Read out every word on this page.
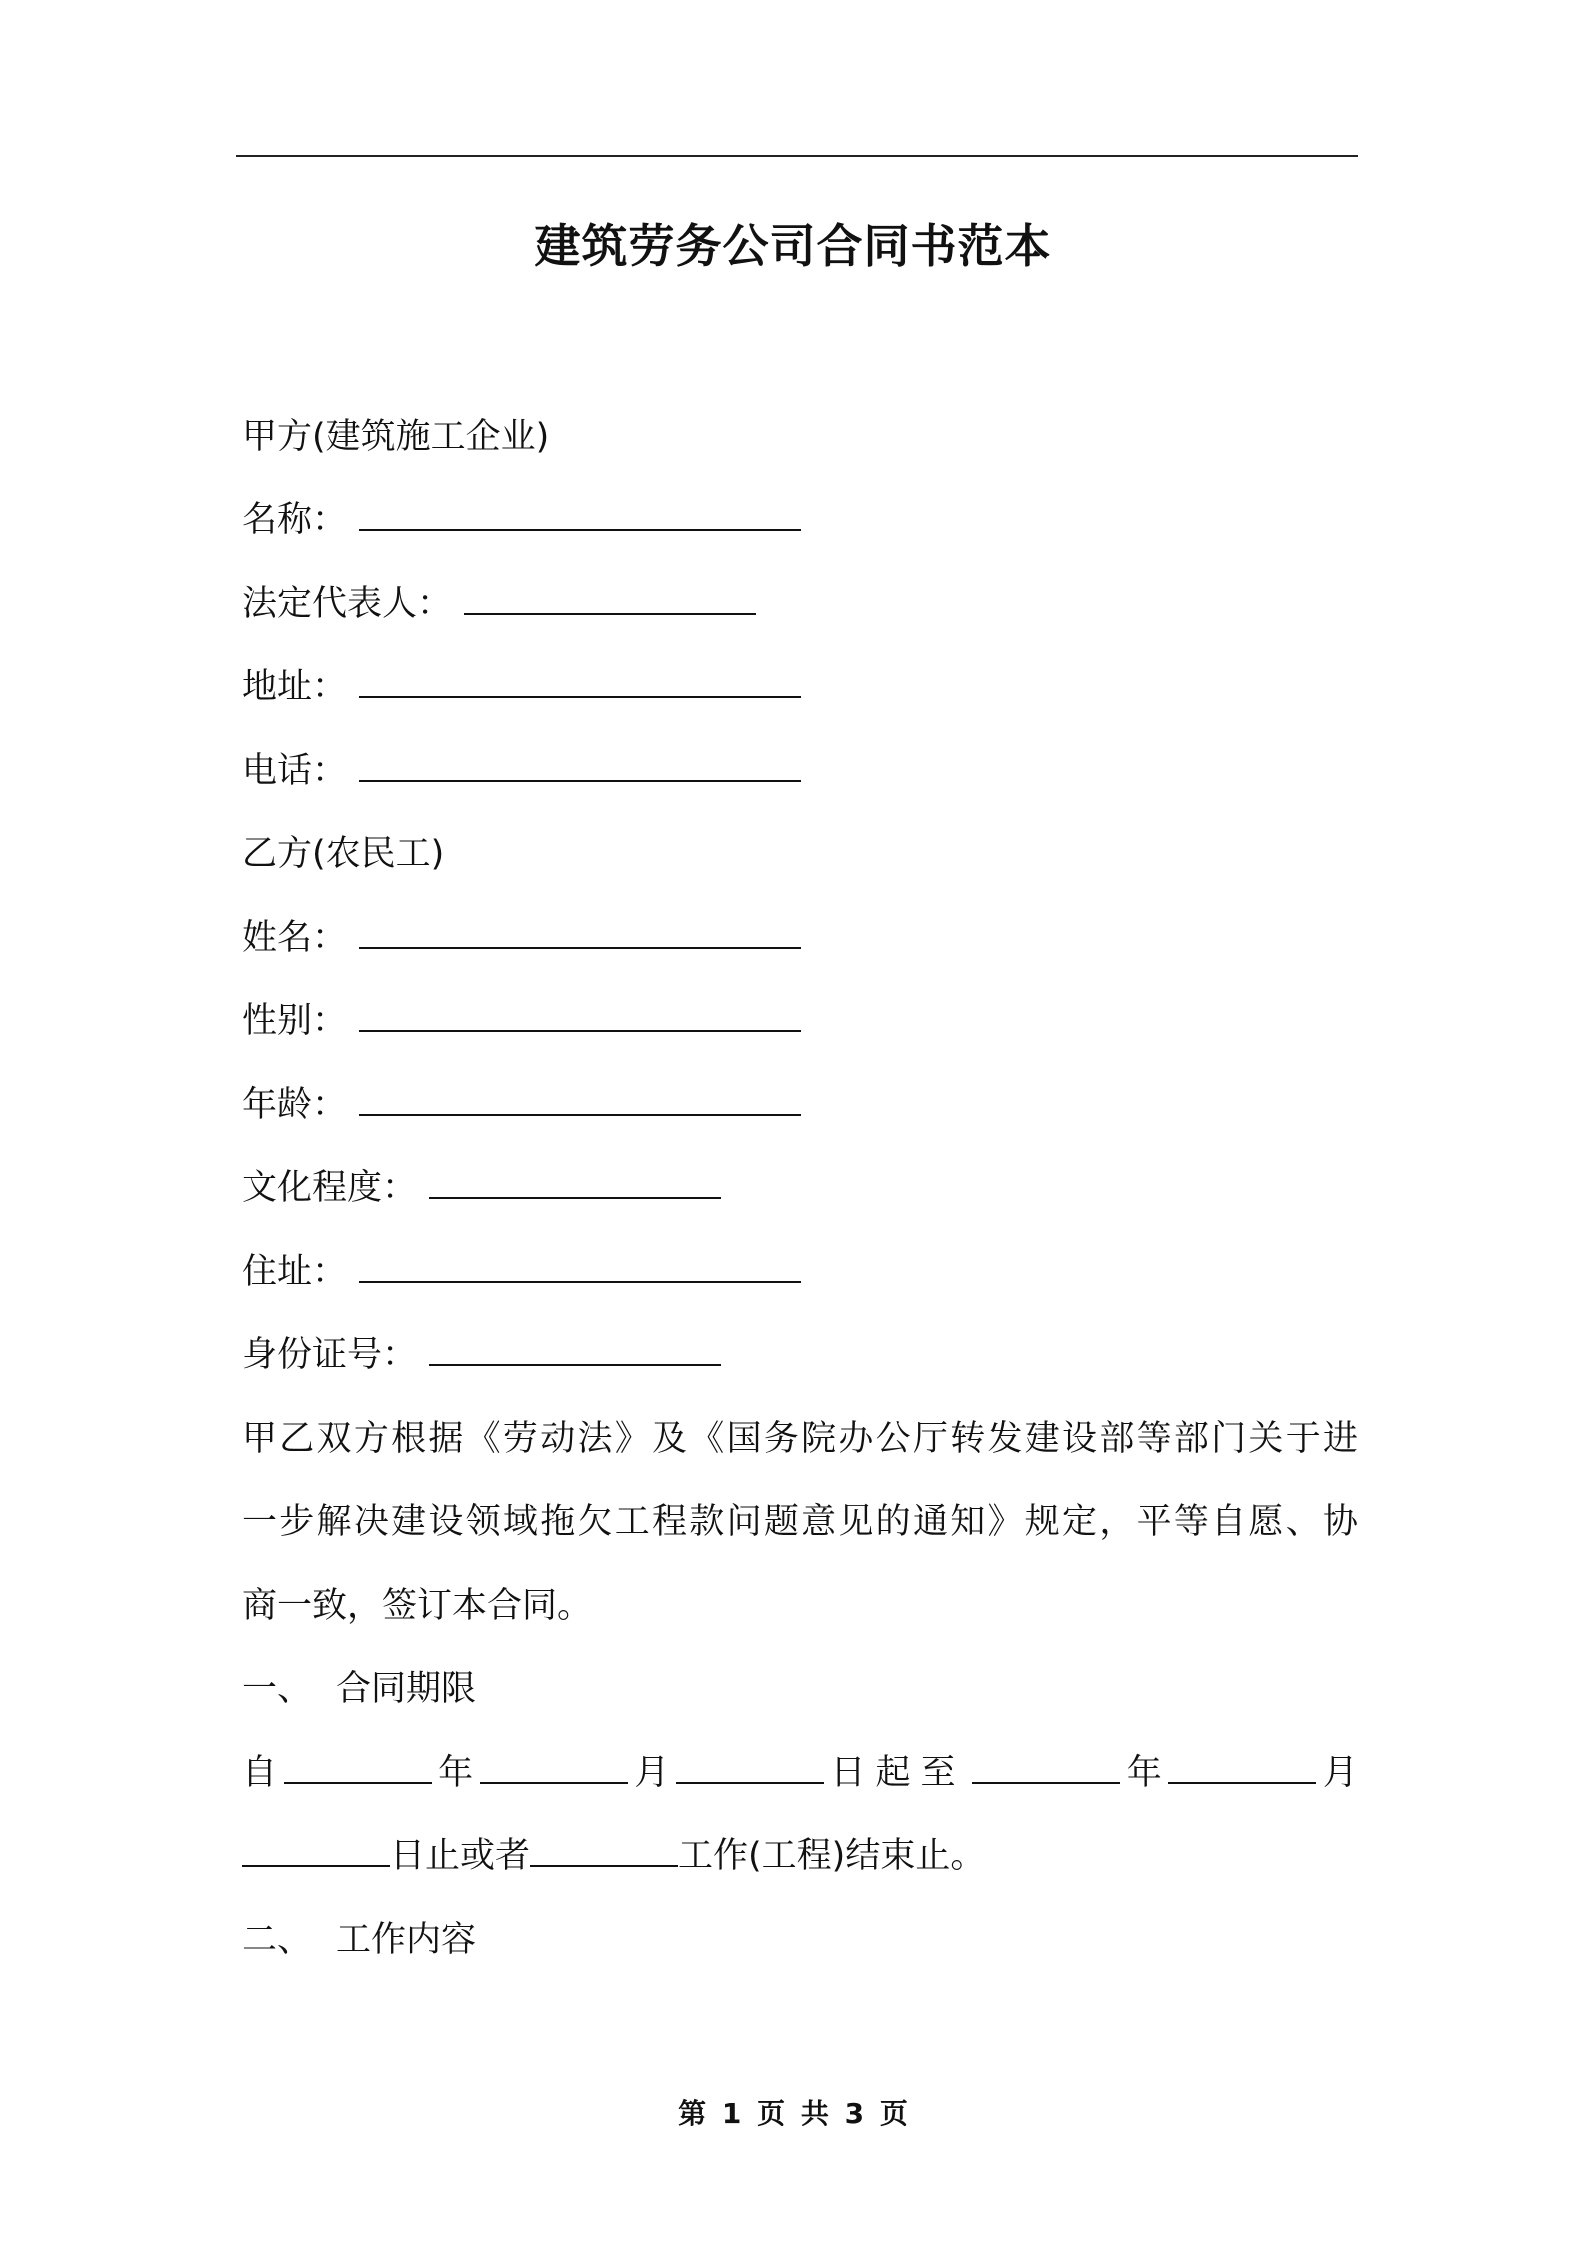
建筑劳务公司合同书范本
甲方(建筑施工企业)
名称：
法定代表人：
地址：
电话：
乙方(农民工)
姓名：
性别：
年龄：
文化程度：
住址：
身份证号：
甲乙双方根据《劳动法》及《国务院办公厅转发建设部等部门关于进
一步解决建设领域拖欠工程款问题意见的通知》规定，平等自愿、协
商一致，签订本合同。
一、 合同期限
自	年	月	日起至	年	月
日止或者	工作(工程)结束止。
二、 工作内容
第 1 页 共 3 页
